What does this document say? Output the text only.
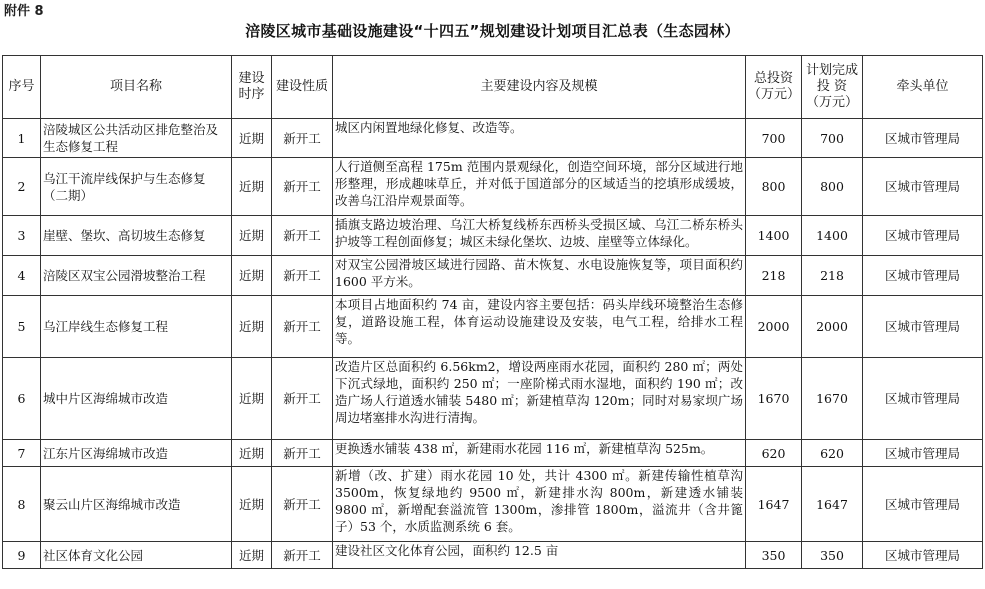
附件 8
涪陵区城市基础设施建设“十四五”规划建设计划项目汇总表（生态园林）
序号	项目名称	建设时序	建设性质	主要建设内容及规模	总投资（万元）	计划完成投 资（万元）	牵头单位
1	涪陵城区公共活动区排危整治及生态修复工程	近期	新开工	城区内闲置地绿化修复、改造等。	700	700	区城市管理局
2	乌江干流岸线保护与生态修复（二期）	近期	新开工	人行道侧至高程 175m 范围内景观绿化，创造空间环境，部分区域进行地形整理，形成趣味草丘，并对低于国道部分的区域适当的挖填形成缓坡，改善乌江沿岸观景面等。	800	800	区城市管理局
3	崖壁、堡坎、高切坡生态修复	近期	新开工	插旗支路边坡治理、乌江大桥复线桥东西桥头受损区域、乌江二桥东桥头护坡等工程创面修复；城区未绿化堡坎、边坡、崖壁等立体绿化。	1400	1400	区城市管理局
4	涪陵区双宝公园滑坡整治工程	近期	新开工	对双宝公园滑坡区域进行园路、苗木恢复、水电设施恢复等，项目面积约 1600 平方米。	218	218	区城市管理局
5	乌江岸线生态修复工程	近期	新开工	本项目占地面积约 74 亩，建设内容主要包括：码头岸线环境整治生态修复，道路设施工程，体育运动设施建设及安装，电气工程，给排水工程等。	2000	2000	区城市管理局
6	城中片区海绵城市改造	近期	新开工	改造片区总面积约 6.56km2，增设两座雨水花园，面积约 280 ㎡；两处下沉式绿地，面积约 250 ㎡；一座阶梯式雨水湿地，面积约 190 ㎡；改造广场人行道透水铺装 5480 ㎡；新建植草沟 120m；同时对易家坝广场周边堵塞排水沟进行清掏。	1670	1670	区城市管理局
7	江东片区海绵城市改造	近期	新开工	更换透水铺装 438 ㎡，新建雨水花园 116 ㎡，新建植草沟 525m。	620	620	区城市管理局
8	聚云山片区海绵城市改造	近期	新开工	新增（改、扩建）雨水花园 10 处，共计 4300 ㎡。新建传输性植草沟 3500m，恢复绿地约 9500 ㎡，新建排水沟 800m，新建透水铺装 9800 ㎡，新增配套溢流管 1300m，渗排管 1800m，溢流井（含井篦子）53 个，水质监测系统 6 套。	1647	1647	区城市管理局
9	社区体育文化公园	近期	新开工	建设社区文化体育公园，面积约 12.5 亩	350	350	区城市管理局
